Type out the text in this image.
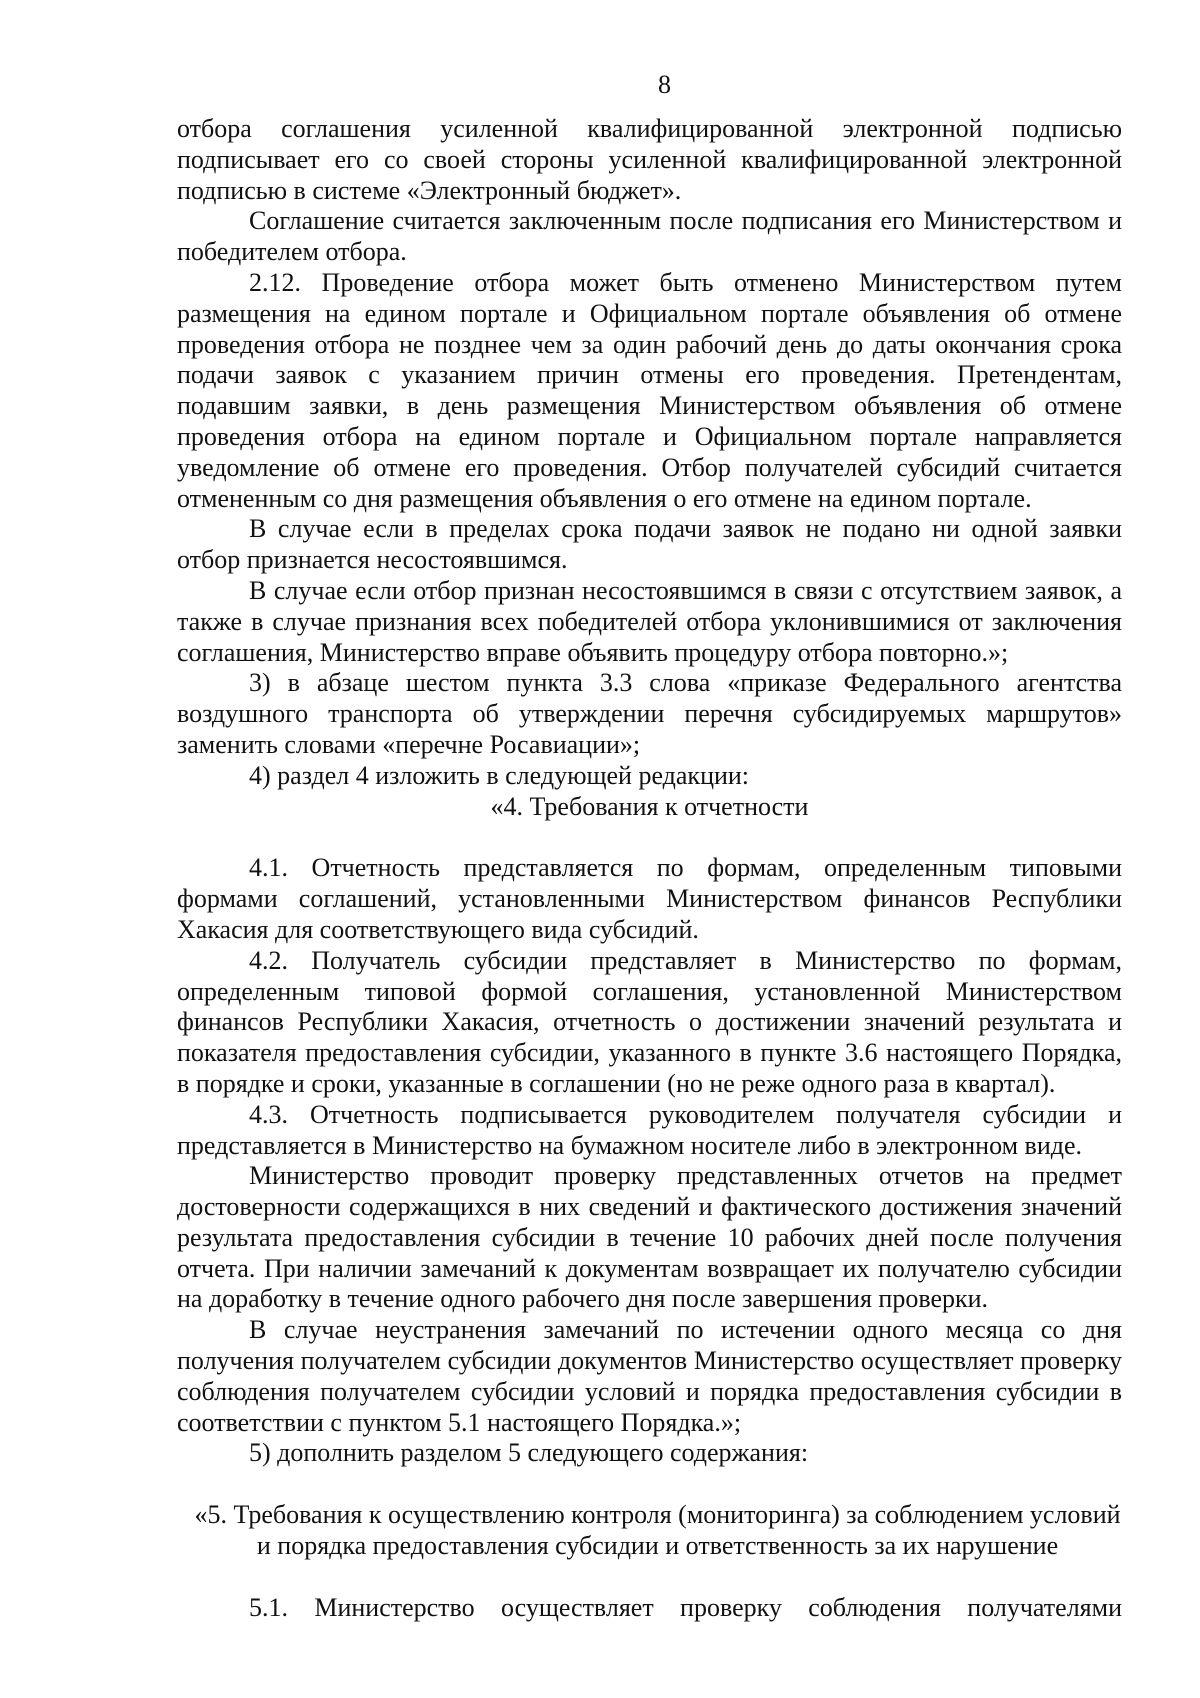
8

отбора соглашения усиленной квалифицированной электронной подписью подписывает его со своей стороны усиленной квалифицированной электронной подписью в системе «Электронный бюджет».

Соглашение считается заключенным после подписания его Министерством и победителем отбора.

2.12. Проведение отбора может быть отменено Министерством путем размещения на едином портале и Официальном портале объявления об отмене проведения отбора не позднее чем за один рабочий день до даты окончания срока подачи заявок с указанием причин отмены его проведения. Претендентам, подавшим заявки, в день размещения Министерством объявления об отмене проведения отбора на едином портале и Официальном портале направляется уведомление об отмене его проведения. Отбор получателей субсидий считается отмененным со дня размещения объявления о его отмене на едином портале.

В случае если в пределах срока подачи заявок не подано ни одной заявки отбор признается несостоявшимся.

В случае если отбор признан несостоявшимся в связи с отсутствием заявок, а также в случае признания всех победителей отбора уклонившимися от заключения соглашения, Министерство вправе объявить процедуру отбора повторно.»;

3) в абзаце шестом пункта 3.3 слова «приказе Федерального агентства воздушного транспорта об утверждении перечня субсидируемых маршрутов» заменить словами «перечне Росавиации»;

4) раздел 4 изложить в следующей редакции:

«4. Требования к отчетности

4.1. Отчетность представляется по формам, определенным типовыми формами соглашений, установленными Министерством финансов Республики Хакасия для соответствующего вида субсидий.

4.2. Получатель субсидии представляет в Министерство по формам, определенным типовой формой соглашения, установленной Министерством финансов Республики Хакасия, отчетность о достижении значений результата и показателя предоставления субсидии, указанного в пункте 3.6 настоящего Порядка, в порядке и сроки, указанные в соглашении (но не реже одного раза в квартал).

4.3. Отчетность подписывается руководителем получателя субсидии и представляется в Министерство на бумажном носителе либо в электронном виде.

Министерство проводит проверку представленных отчетов на предмет достоверности содержащихся в них сведений и фактического достижения значений результата предоставления субсидии в течение 10 рабочих дней после получения отчета. При наличии замечаний к документам возвращает их получателю субсидии на доработку в течение одного рабочего дня после завершения проверки.

В случае неустранения замечаний по истечении одного месяца со дня получения получателем субсидии документов Министерство осуществляет проверку соблюдения получателем субсидии условий и порядка предоставления субсидии в соответствии с пунктом 5.1 настоящего Порядка.»;

5) дополнить разделом 5 следующего содержания:

«5. Требования к осуществлению контроля (мониторинга) за соблюдением условий
и порядка предоставления субсидии и ответственность за их нарушение

5.1. Министерство осуществляет проверку соблюдения получателями
